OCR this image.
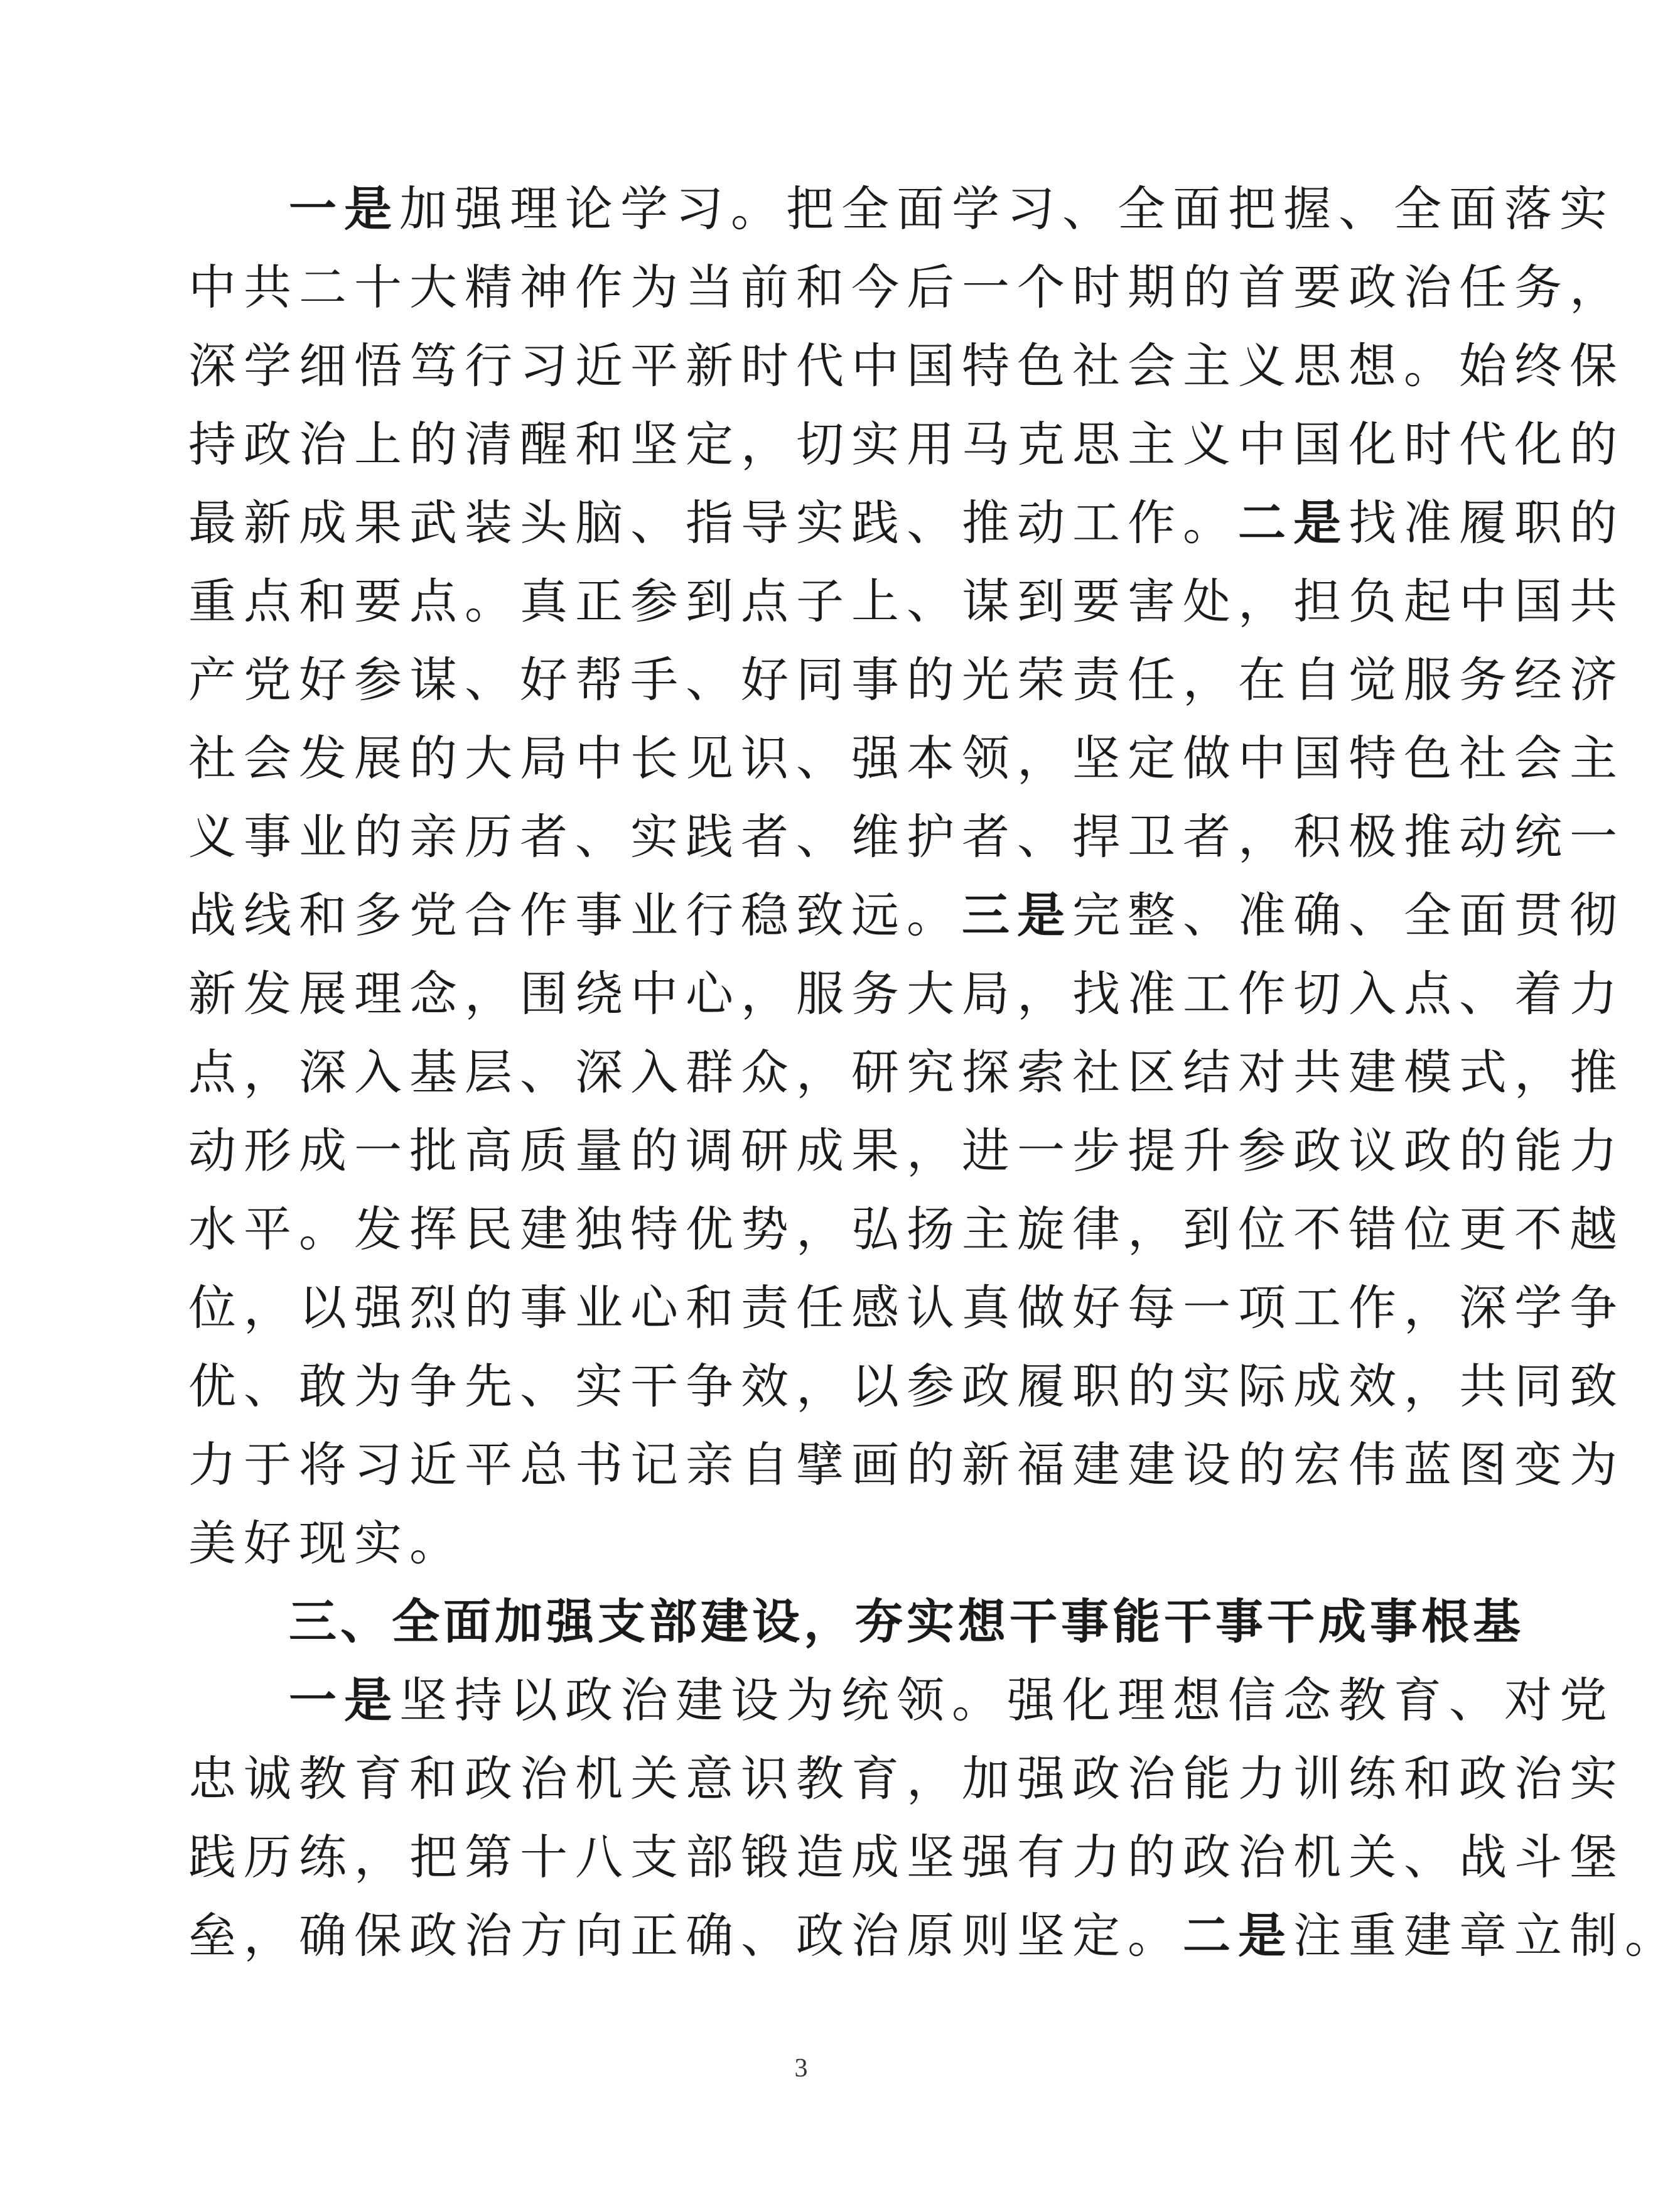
一是加强理论学习。把全面学习、全面把握、全面落实
中共二十大精神作为当前和今后一个时期的首要政治任务，
深学细悟笃行习近平新时代中国特色社会主义思想。始终保
持政治上的清醒和坚定，切实用马克思主义中国化时代化的
最新成果武装头脑、指导实践、推动工作。二是找准履职的
重点和要点。真正参到点子上、谋到要害处，担负起中国共
产党好参谋、好帮手、好同事的光荣责任，在自觉服务经济
社会发展的大局中长见识、强本领，坚定做中国特色社会主
义事业的亲历者、实践者、维护者、捍卫者，积极推动统一
战线和多党合作事业行稳致远。三是完整、准确、全面贯彻
新发展理念，围绕中心，服务大局，找准工作切入点、着力
点，深入基层、深入群众，研究探索社区结对共建模式，推
动形成一批高质量的调研成果，进一步提升参政议政的能力
水平。发挥民建独特优势，弘扬主旋律，到位不错位更不越
位，以强烈的事业心和责任感认真做好每一项工作，深学争
优、敢为争先、实干争效，以参政履职的实际成效，共同致
力于将习近平总书记亲自擘画的新福建建设的宏伟蓝图变为
美好现实。
三、全面加强支部建设，夯实想干事能干事干成事根基
一是坚持以政治建设为统领。强化理想信念教育、对党
忠诚教育和政治机关意识教育，加强政治能力训练和政治实
践历练，把第十八支部锻造成坚强有力的政治机关、战斗堡
垒，确保政治方向正确、政治原则坚定。二是注重建章立制。
3
